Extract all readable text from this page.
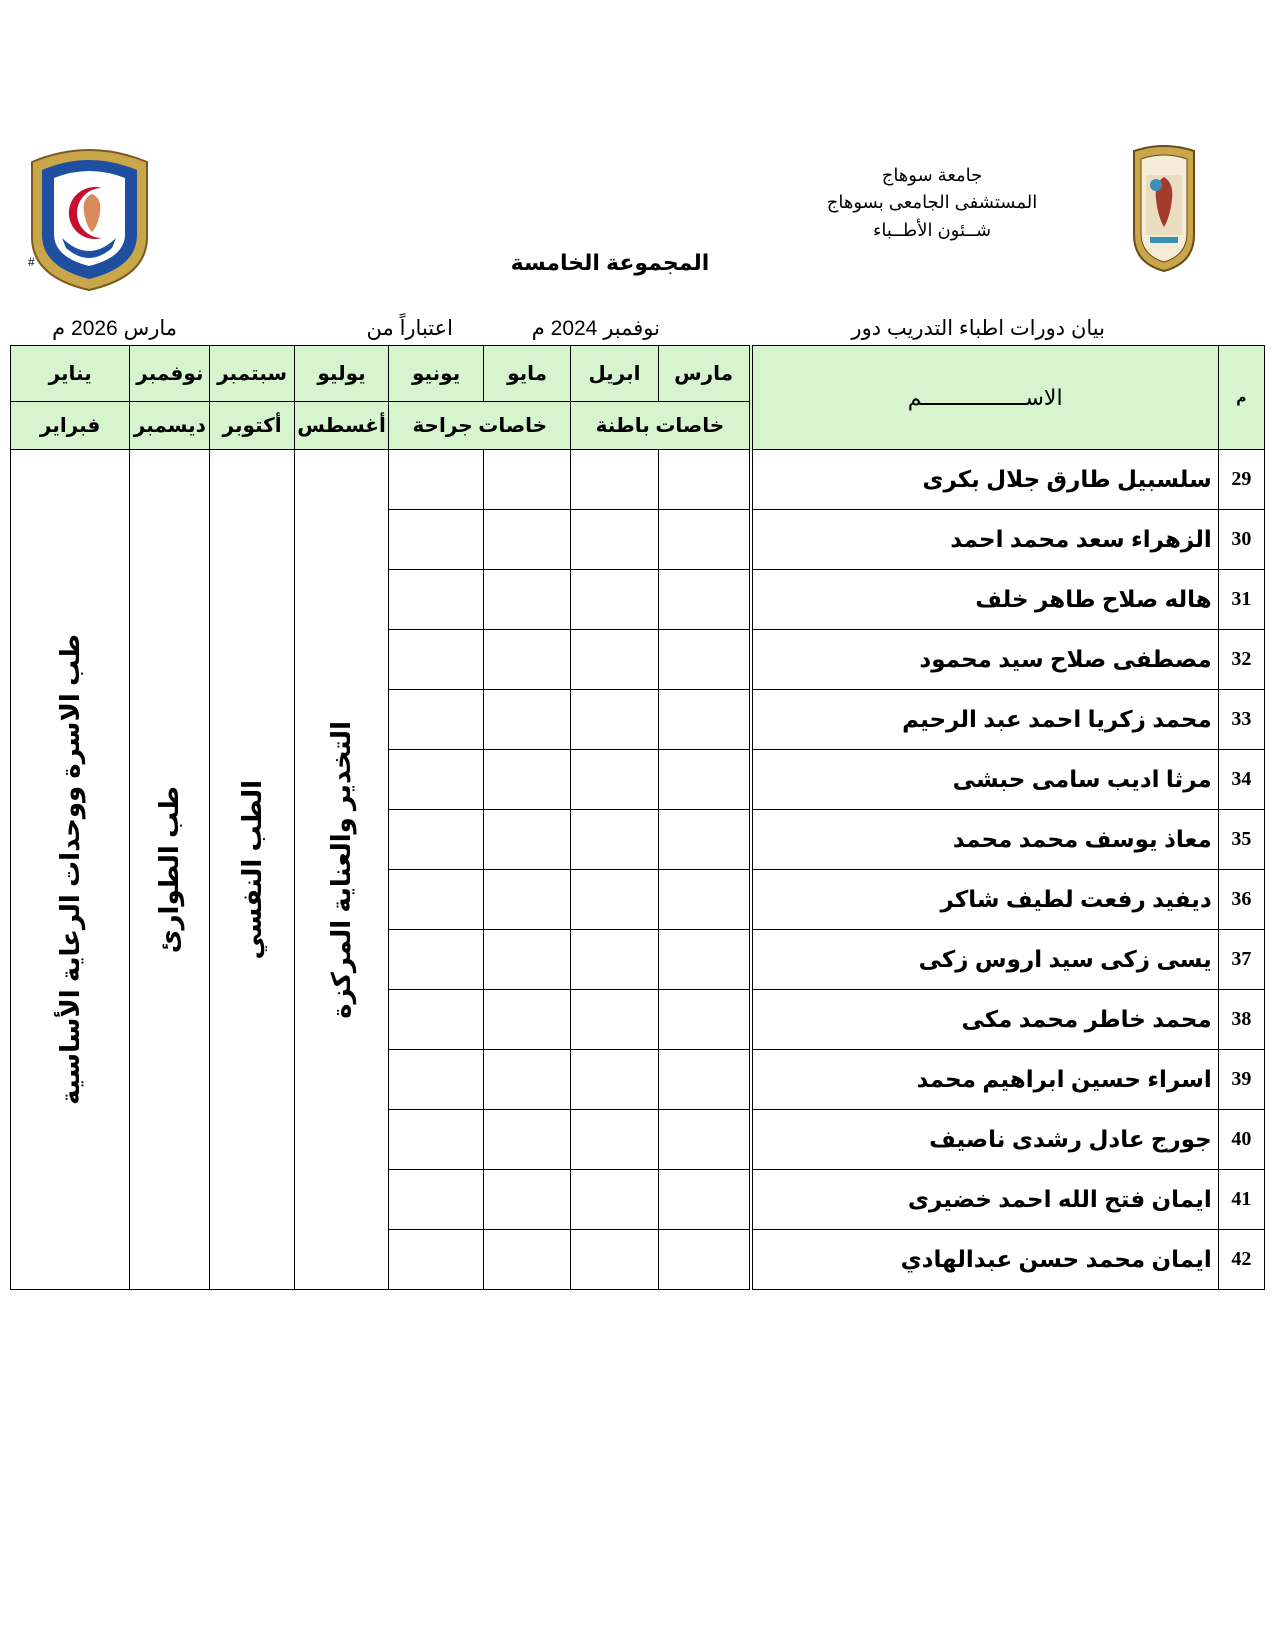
جامعة سوهاج
المستشفى الجامعى بسوهاج
شــئون الأطــباء
#	المجموعة الخامسة
بيان دورات اطباء التدريب دور
نوفمبر 2024 م
اعتباراً من
مارس 2026 م
م	الاســــــــــــــــم	مارس	ابريل	مايو	يونيو	يوليو	سبتمبر	نوفمبر	يناير
		خاصات باطنة		خاصات جراحة		أغسطس	أكتوبر	ديسمبر	فبراير
29	سلسبيل طارق جلال بكرى					التخدير والعناية المركزة	الطب النفسي	طب الطوارئ	طب الاسرة ووحدات الرعاية الأساسية

30	الزهراء سعد محمد احمد								
31	هاله صلاح طاهر خلف								
32	مصطفى صلاح سيد محمود								
33	محمد زكريا احمد عبد الرحيم								
34	مرثا اديب سامى حبشى								
35	معاذ يوسف محمد محمد								
36	ديفيد رفعت لطيف شاكر								
37	يسى زكى سيد اروس زكى								
38	محمد خاطر محمد مكى								
39	اسراء حسين ابراهيم محمد								
40	جورج عادل رشدى ناصيف								
41	ايمان فتح الله احمد خضيرى								
42	ايمان محمد حسن عبدالهادي								
